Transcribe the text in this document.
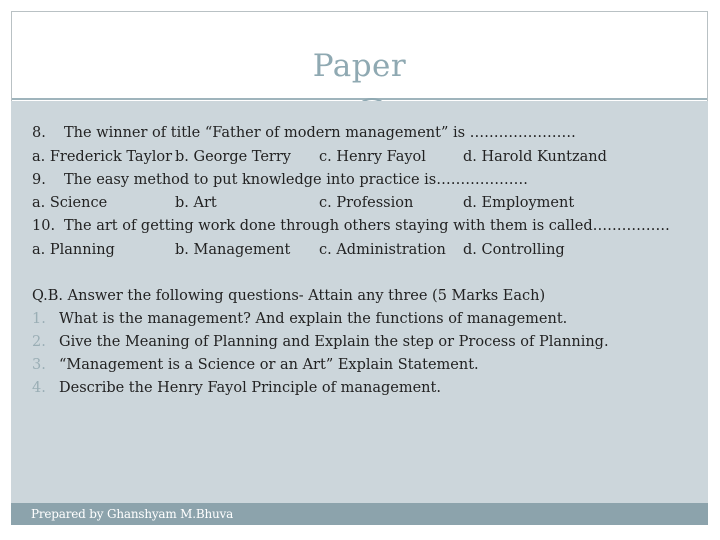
Paper
8. The winner of title “Father of modern management” is ………………….
a. Frederick Taylor b. George Terry c. Henry Fayol	d. Harold Kuntzand
9. The easy method to put knowledge into practice is……………….
a. Science	b. Art	c. Profession	d. Employment
10. The art of getting work done through others staying with them is called…………….
a. Planning	b. Management c. Administration d. Controlling
Q.B. Answer the following questions- Attain any three (5 Marks Each)
1. What is the management? And explain the functions of management.
2. Give the Meaning of Planning and Explain the step or Process of Planning.
3. “Management is a Science or an Art” Explain Statement.
4. Describe the Henry Fayol Principle of management.
Prepared by Ghanshyam M.Bhuva
